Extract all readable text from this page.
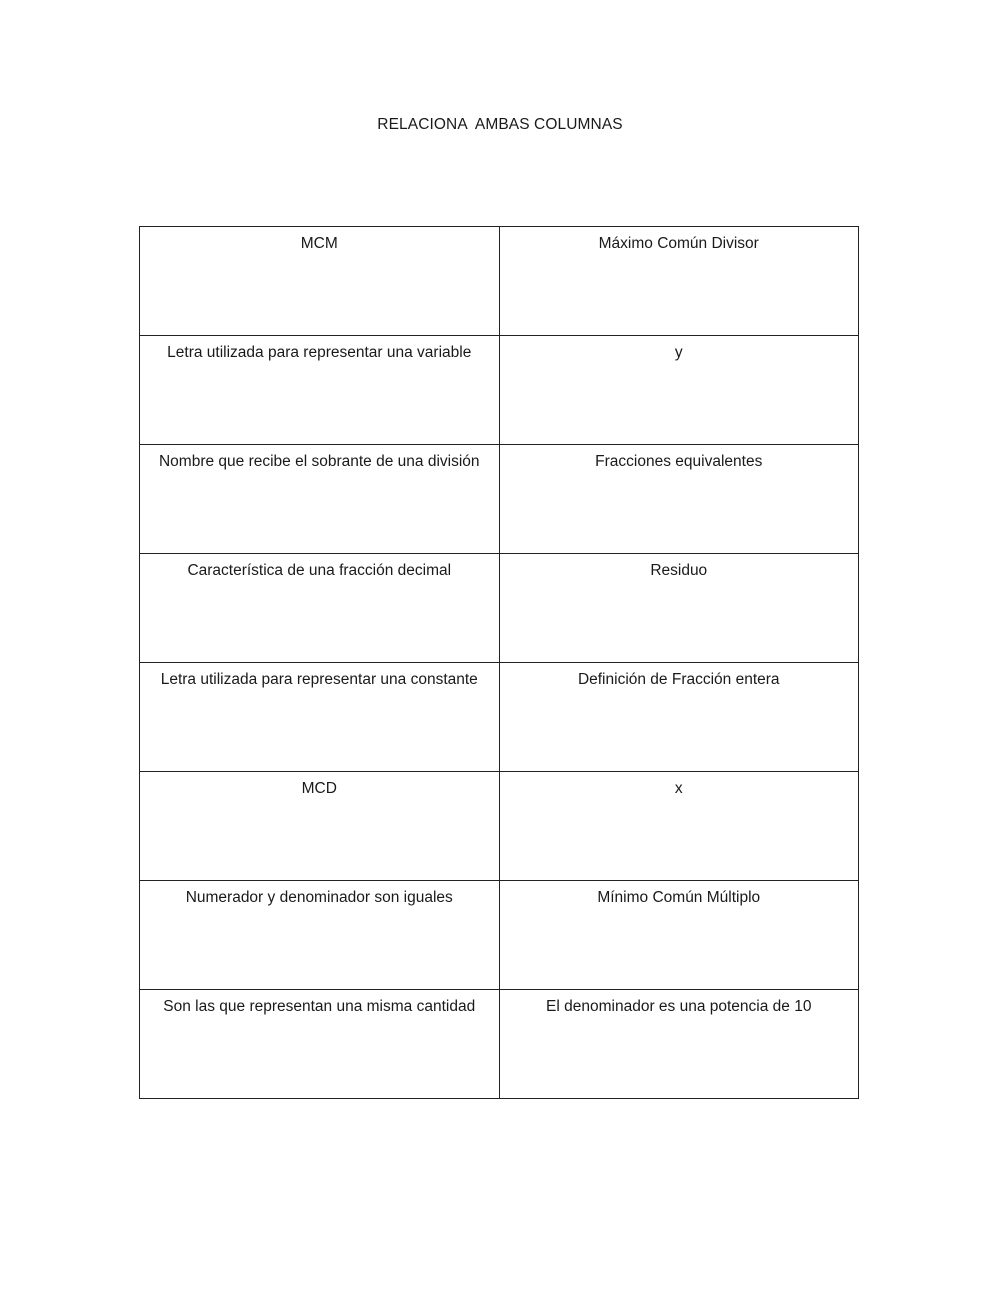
RELACIONA  AMBAS COLUMNAS
MCM	Máximo Común Divisor
Letra utilizada para representar una variable	y
Nombre que recibe el sobrante de una división	Fracciones equivalentes
Característica de una fracción decimal	Residuo
Letra utilizada para representar una constante	Definición de Fracción entera
MCD	x
Numerador y denominador son iguales	Mínimo Común Múltiplo
Son las que representan una misma cantidad	El denominador es una potencia de 10
